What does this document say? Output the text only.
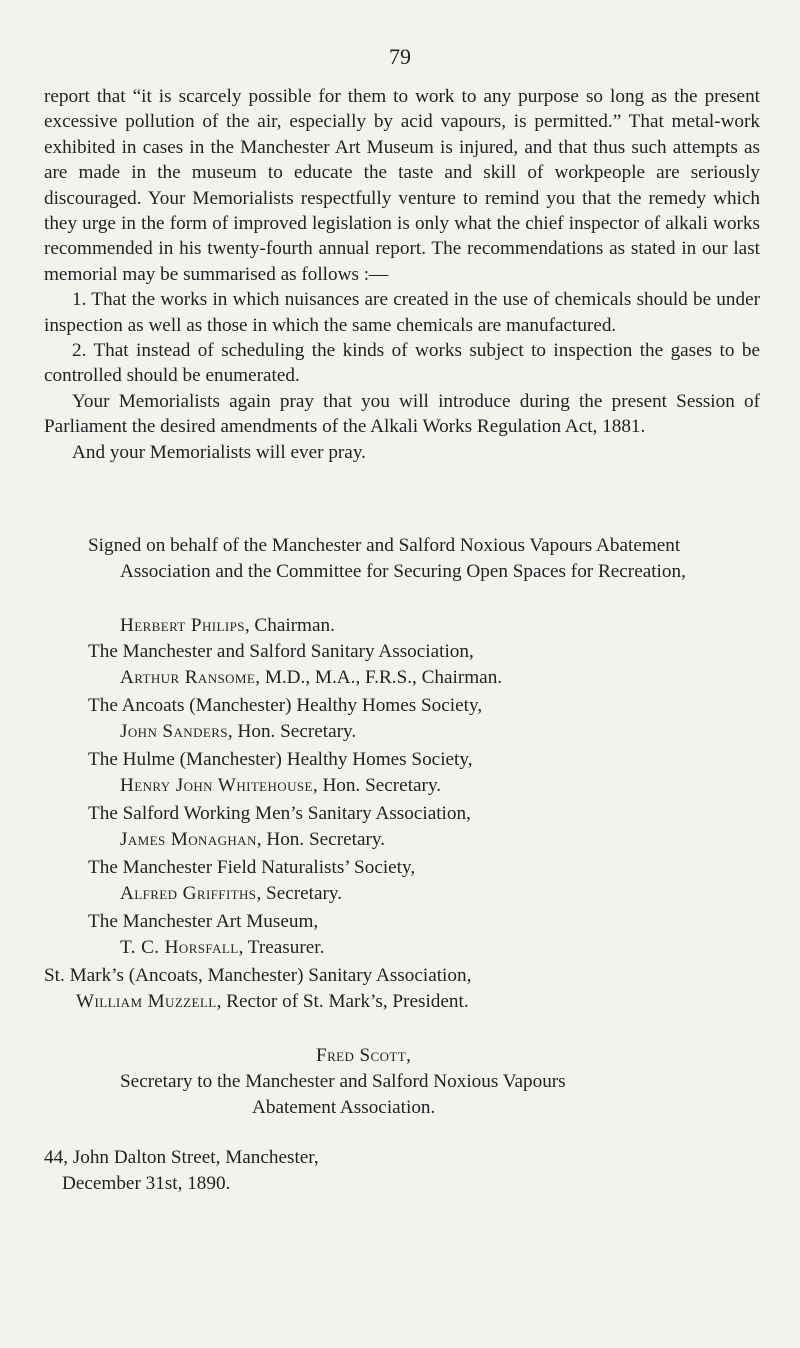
79

report that “it is scarcely possible for them to work to any purpose so long as the present excessive pollution of the air, especially by acid vapours, is permitted.” That metal-work exhibited in cases in the Manchester Art Museum is injured, and that thus such attempts as are made in the museum to educate the taste and skill of workpeople are seriously discouraged. Your Memorialists respectfully venture to remind you that the remedy which they urge in the form of improved legislation is only what the chief inspector of alkali works recommended in his twenty-fourth annual report. The recommendations as stated in our last memorial may be summarised as follows :—

1. That the works in which nuisances are created in the use of chemicals should be under inspection as well as those in which the same chemicals are manufactured.

2. That instead of scheduling the kinds of works subject to inspection the gases to be controlled should be enumerated.

Your Memorialists again pray that you will introduce during the present Session of Parliament the desired amendments of the Alkali Works Regulation Act, 1881.

And your Memorialists will ever pray.

Signed on behalf of the Manchester and Salford Noxious Vapours Abatement Association and the Committee for Securing Open Spaces for Recreation,

Herbert Philips, Chairman.
The Manchester and Salford Sanitary Association,
Arthur Ransome, M.D., M.A., F.R.S., Chairman.
The Ancoats (Manchester) Healthy Homes Society,
John Sanders, Hon. Secretary.
The Hulme (Manchester) Healthy Homes Society,
Henry John Whitehouse, Hon. Secretary.
The Salford Working Men’s Sanitary Association,
James Monaghan, Hon. Secretary.
The Manchester Field Naturalists’ Society,
Alfred Griffiths, Secretary.
The Manchester Art Museum,
T. C. Horsfall, Treasurer.
St. Mark’s (Ancoats, Manchester) Sanitary Association,
William Muzzell, Rector of St. Mark’s, President.
Fred Scott,
Secretary to the Manchester and Salford Noxious Vapours
Abatement Association.
44, John Dalton Street, Manchester,
December 31st, 1890.
